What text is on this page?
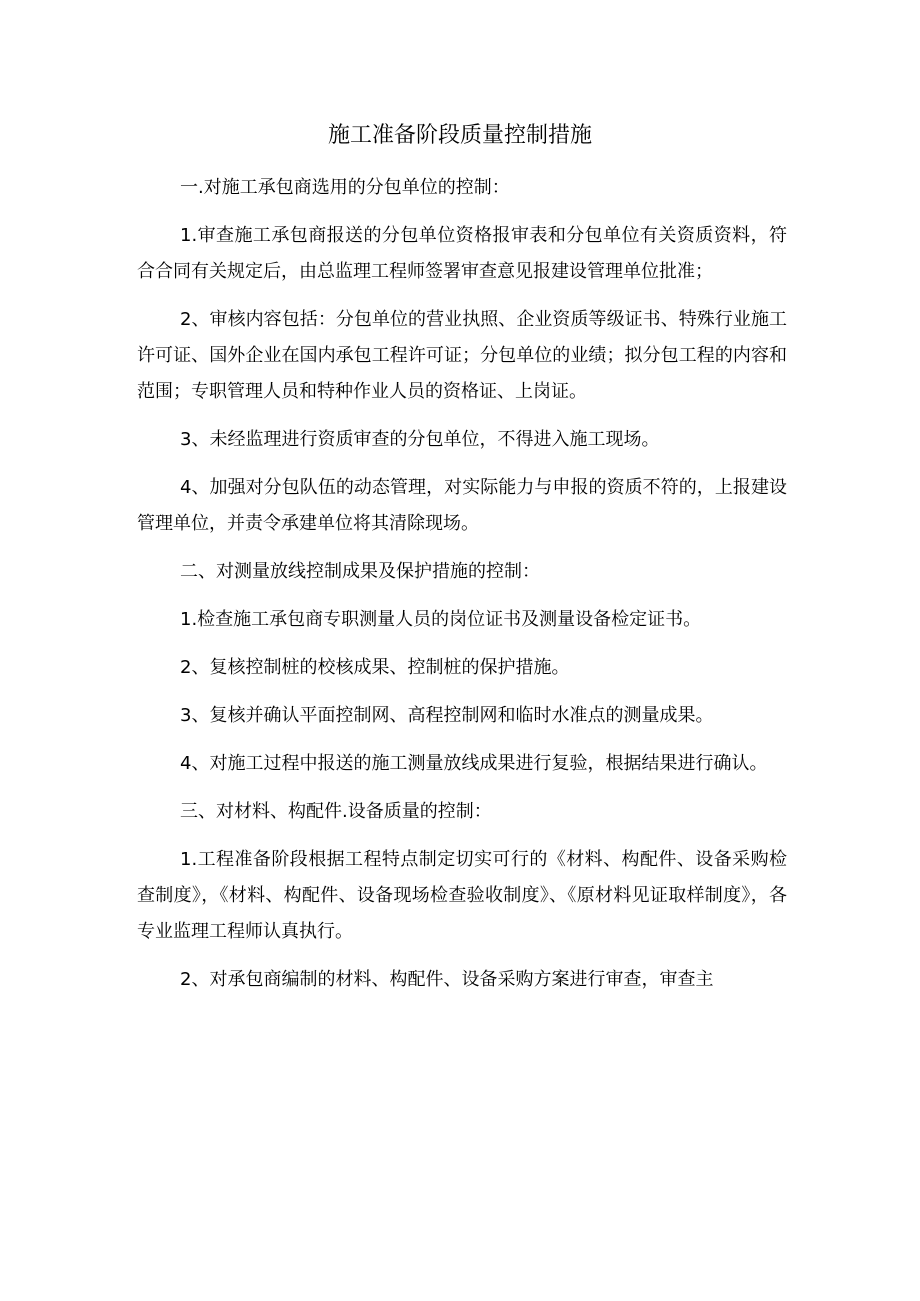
施工准备阶段质量控制措施

一.对施工承包商选用的分包单位的控制：

1.审查施工承包商报送的分包单位资格报审表和分包单位有关资质资料，符合合同有关规定后，由总监理工程师签署审查意见报建设管理单位批准；

2、审核内容包括：分包单位的营业执照、企业资质等级证书、特殊行业施工许可证、国外企业在国内承包工程许可证；分包单位的业绩；拟分包工程的内容和范围；专职管理人员和特种作业人员的资格证、上岗证。

3、未经监理进行资质审查的分包单位，不得进入施工现场。

4、加强对分包队伍的动态管理，对实际能力与申报的资质不符的，上报建设管理单位，并责令承建单位将其清除现场。

二、对测量放线控制成果及保护措施的控制：

1.检查施工承包商专职测量人员的岗位证书及测量设备检定证书。

2、复核控制桩的校核成果、控制桩的保护措施。

3、复核并确认平面控制网、高程控制网和临时水准点的测量成果。

4、对施工过程中报送的施工测量放线成果进行复验，根据结果进行确认。

三、对材料、构配件.设备质量的控制：

1.工程准备阶段根据工程特点制定切实可行的《材料、构配件、设备采购检查制度》，《材料、构配件、设备现场检查验收制度》、《原材料见证取样制度》，各专业监理工程师认真执行。

2、对承包商编制的材料、构配件、设备采购方案进行审查，审查主
